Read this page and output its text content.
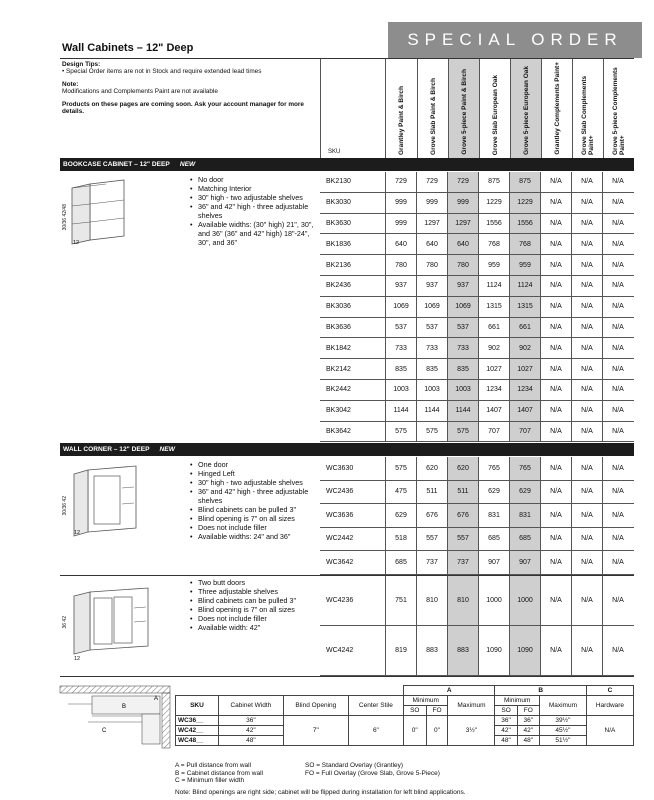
SPECIAL ORDER
Wall Cabinets – 12" Deep
Design Tips:
• Special Order items are not in Stock and require extended lead times
Note:
Modifications and Complements Paint are not available
Products on these pages are coming soon. Ask your account manager for more details.
SKU	Grantley Paint & Birch	Grove Slab Paint & Birch	Grove 5-piece Paint & Birch	Grove Slab European Oak	Grove 5-piece European Oak	Grantley Complements Paint+	Grove Slab Complements Paint+	Grove 5-piece Complements Paint+
BOOKCASE CABINET – 12" DEEP NEW
30/36 42/48
12
• No door
• Matching Interior
• 30" high - two adjustable shelves
• 36" and 42" high - three adjustable shelves
• Available widths: (30" high) 21", 30", and 36" (36" and 42" high) 18"-24", 30", and 36"
BK2130	729	729	729	875	875	N/A	N/A	N/A
BK3030	999	999	999	1229	1229	N/A	N/A	N/A
BK3630	999	1297	1297	1556	1556	N/A	N/A	N/A
BK1836	640	640	640	768	768	N/A	N/A	N/A
BK2136	780	780	780	959	959	N/A	N/A	N/A
BK2436	937	937	937	1124	1124	N/A	N/A	N/A
BK3036	1069	1069	1069	1315	1315	N/A	N/A	N/A
BK3636	537	537	537	661	661	N/A	N/A	N/A
BK1842	733	733	733	902	902	N/A	N/A	N/A
BK2142	835	835	835	1027	1027	N/A	N/A	N/A
BK2442	1003	1003	1003	1234	1234	N/A	N/A	N/A
BK3042	1144	1144	1144	1407	1407	N/A	N/A	N/A
BK3642	575	575	575	707	707	N/A	N/A	N/A
WALL CORNER – 12" DEEP NEW
30/36 42
12
• One door
• Hinged Left
• 30" high - two adjustable shelves
• 36" and 42" high - three adjustable shelves
• Blind cabinets can be pulled 3"
• Blind opening is 7" on all sizes
• Does not include filler
• Available widths: 24" and 36"
WC3630	575	620	620	765	765	N/A	N/A	N/A
WC2436	475	511	511	629	629	N/A	N/A	N/A
WC3636	629	676	676	831	831	N/A	N/A	N/A
WC2442	518	557	557	685	685	N/A	N/A	N/A
WC3642	685	737	737	907	907	N/A	N/A	N/A
36 42
12
• Two butt doors
• Three adjustable shelves
• Blind cabinets can be pulled 3"
• Blind opening is 7" on all sizes
• Does not include filler
• Available width: 42"
WC4236	751	810	810	1000	1000	N/A	N/A	N/A
WC4242	819	883	883	1090	1090	N/A	N/A	N/A
A
B
C
				A			B			C
SKU	Cabinet Width	Blind Opening	Center Stile	Minimum		Maximum	Minimum		Maximum	Hardware
				SO	FO		SO	FO		
WC36__	36"	7"	6"	0"	0"	3½"	36"	36"	39½"	N/A
WC42__	42"						42"	42"	45½"	
WC48__	48"						48"	48"	51½"	
A = Pull distance from wall
B = Cabinet distance from wall
C = Minimum filler width
SO = Standard Overlay (Grantley)
FO = Full Overlay (Grove Slab, Grove 5-Piece)
Note: Blind openings are right side; cabinet will be flipped during installation for left blind applications.
